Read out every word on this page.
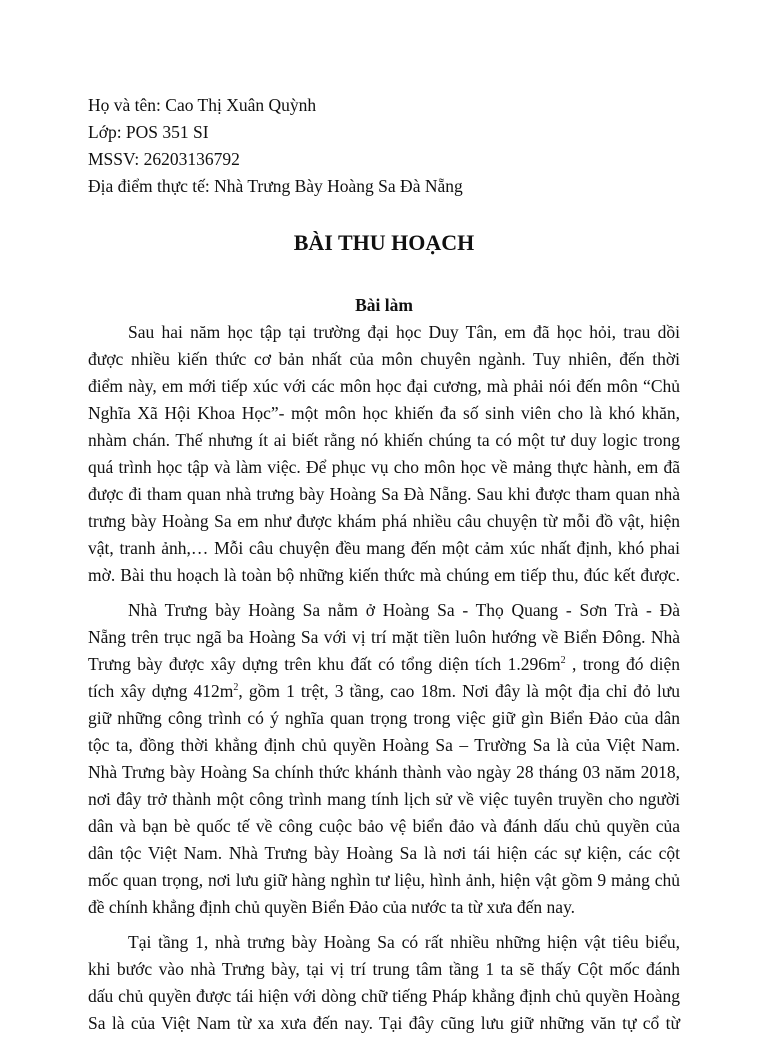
Họ và tên: Cao Thị Xuân Quỳnh
Lớp: POS 351 SI
MSSV: 26203136792
Địa điểm thực tế: Nhà Trưng Bày Hoàng Sa Đà Nẵng
BÀI THU HOẠCH
Bài làm
Sau hai năm học tập tại trường đại học Duy Tân, em đã học hỏi, trau dồi
được nhiều kiến thức cơ bản nhất của môn chuyên ngành. Tuy nhiên, đến thời
điểm này, em mới tiếp xúc với các môn học đại cương, mà phải nói đến môn “Chủ
Nghĩa Xã Hội Khoa Học”- một môn học khiến đa số sinh viên cho là khó khăn,
nhàm chán. Thế nhưng ít ai biết rằng nó khiến chúng ta có một tư duy logic trong
quá trình học tập và làm việc. Để phục vụ cho môn học về mảng thực hành, em đã
được đi tham quan nhà trưng bày Hoàng Sa Đà Nẵng. Sau khi được tham quan nhà
trưng bày Hoàng Sa em như được khám phá nhiều câu chuyện từ mỗi đồ vật, hiện
vật, tranh ảnh,… Mỗi câu chuyện đều mang đến một cảm xúc nhất định, khó phai
mờ. Bài thu hoạch là toàn bộ những kiến thức mà chúng em tiếp thu, đúc kết được.
Nhà Trưng bày Hoàng Sa nằm ở Hoàng Sa - Thọ Quang - Sơn Trà - Đà
Nẵng trên trục ngã ba Hoàng Sa với vị trí mặt tiền luôn hướng về Biển Đông. Nhà
Trưng bày được xây dựng trên khu đất có tổng diện tích $1.296m^2$ , trong đó diện
tích xây dựng $412m^2$, gồm 1 trệt, 3 tầng, cao 18m. Nơi đây là một địa chỉ đỏ lưu
giữ những công trình có ý nghĩa quan trọng trong việc giữ gìn Biển Đảo của dân
tộc ta, đồng thời khẳng định chủ quyền Hoàng Sa – Trường Sa là của Việt Nam.
Nhà Trưng bày Hoàng Sa chính thức khánh thành vào ngày 28 tháng 03 năm 2018,
nơi đây trở thành một công trình mang tính lịch sử về việc tuyên truyền cho người
dân và bạn bè quốc tế về công cuộc bảo vệ biển đảo và đánh dấu chủ quyền của
dân tộc Việt Nam. Nhà Trưng bày Hoàng Sa là nơi tái hiện các sự kiện, các cột
mốc quan trọng, nơi lưu giữ hàng nghìn tư liệu, hình ảnh, hiện vật gồm 9 mảng chủ
đề chính khẳng định chủ quyền Biển Đảo của nước ta từ xưa đến nay.
Tại tầng 1, nhà trưng bày Hoàng Sa có rất nhiều những hiện vật tiêu biểu,
khi bước vào nhà Trưng bày, tại vị trí trung tâm tầng 1 ta sẽ thấy Cột mốc đánh
dấu chủ quyền được tái hiện với dòng chữ tiếng Pháp khẳng định chủ quyền Hoàng
Sa là của Việt Nam từ xa xưa đến nay. Tại đây cũng lưu giữ những văn tự cổ từ
